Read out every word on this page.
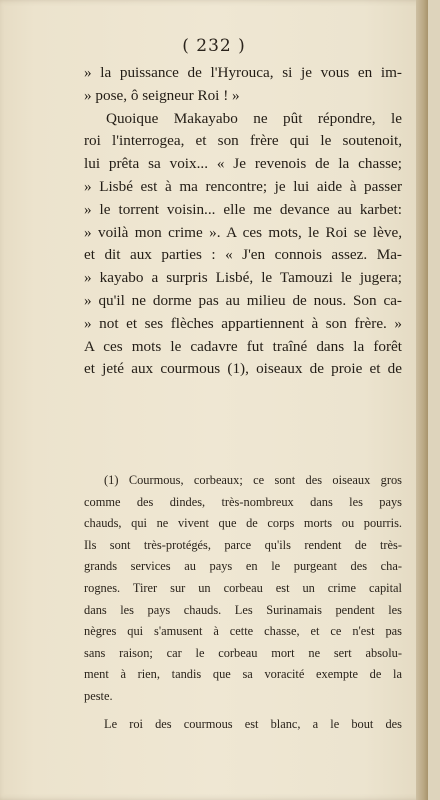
( 232 )
» la puissance de l'Hyrouca, si je vous en im-
» pose, ô seigneur Roi ! »
Quoique Makayabo ne pût répondre, le
roi l'interrogea, et son frère qui le soutenoit,
lui prêta sa voix... « Je revenois de la chasse;
» Lisbé est à ma rencontre; je lui aide à passer
» le torrent voisin... elle me devance au karbet:
» voilà mon crime ». A ces mots, le Roi se lève,
et dit aux parties : « J'en connois assez. Ma-
» kayabo a surpris Lisbé, le Tamouzi le jugera;
» qu'il ne dorme pas au milieu de nous. Son ca-
» not et ses flèches appartiennent à son frère. »
A ces mots le cadavre fut traîné dans la forêt
et jeté aux courmous (1), oiseaux de proie et de
(1) Courmous, corbeaux; ce sont des oiseaux gros
comme des dindes, très-nombreux dans les pays
chauds, qui ne vivent que de corps morts ou pourris.
Ils sont très-protégés, parce qu'ils rendent de très-
grands services au pays en le purgeant des cha-
rognes. Tirer sur un corbeau est un crime capital
dans les pays chauds. Les Surinamais pendent les
nègres qui s'amusent à cette chasse, et ce n'est pas
sans raison; car le corbeau mort ne sert absolu-
ment à rien, tandis que sa voracité exempte de la
peste.
Le roi des courmous est blanc, a le bout des
